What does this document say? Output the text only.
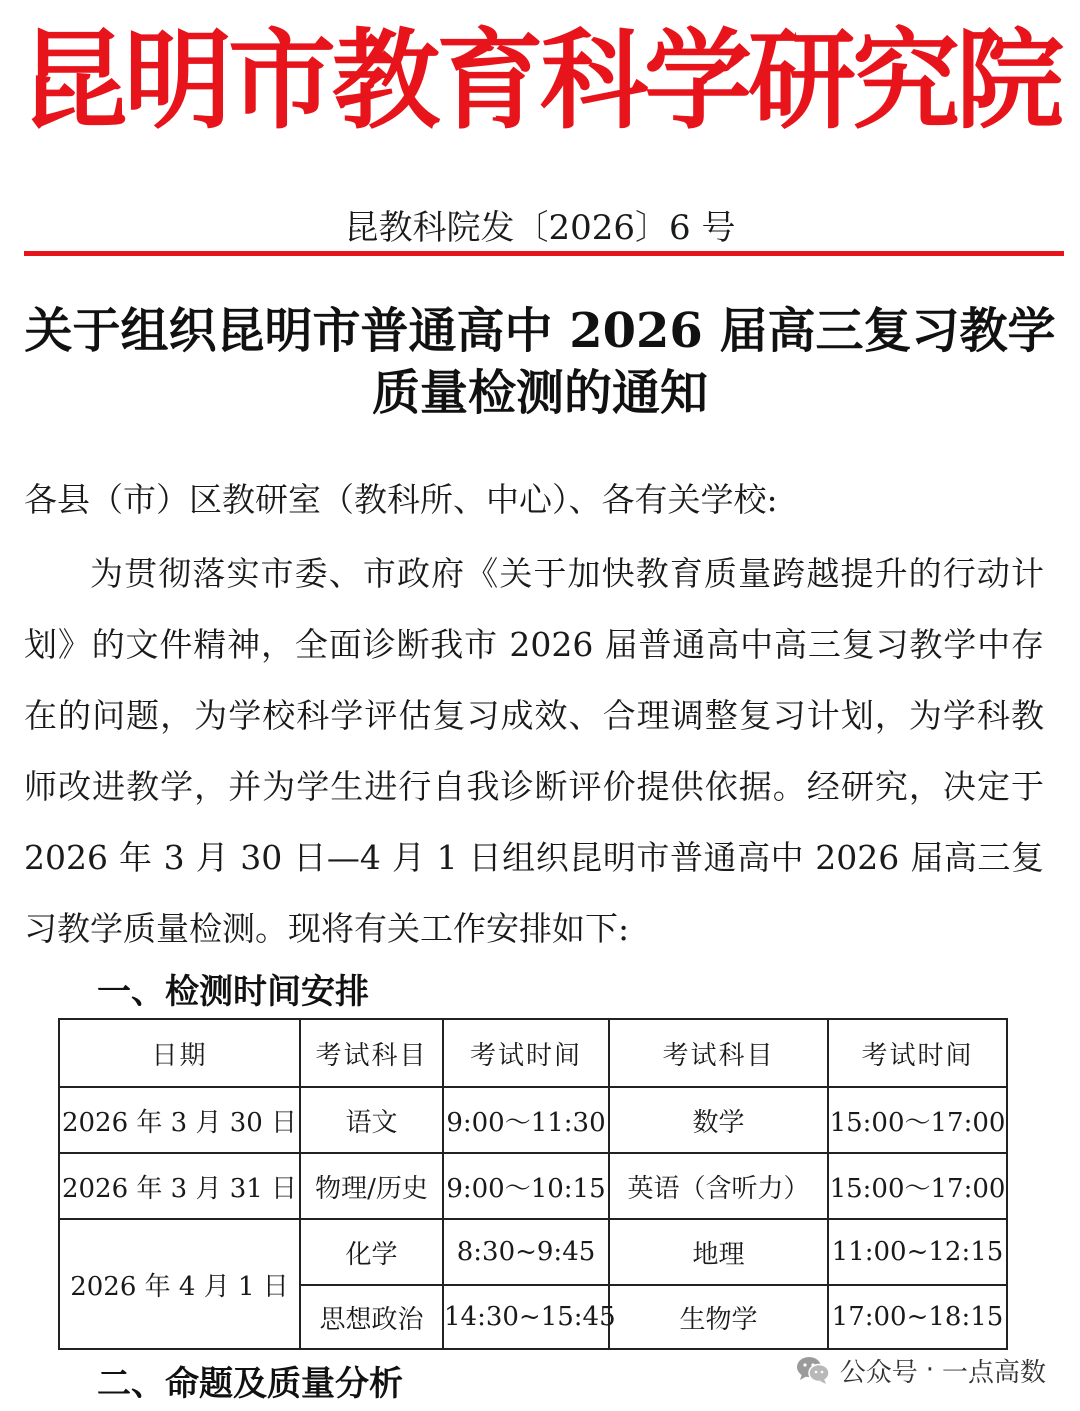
昆明市教育科学研究院
昆教科院发〔2026〕6 号
关于组织昆明市普通高中 2026 届高三复习教学质量检测的通知
各县（市）区教研室（教科所、中心）、各有关学校:
为贯彻落实市委、市政府《关于加快教育质量跨越提升的行动计划》的文件精神，全面诊断我市 2026 届普通高中高三复习教学中存在的问题，为学校科学评估复习成效、合理调整复习计划，为学科教师改进教学，并为学生进行自我诊断评价提供依据。经研究，决定于 2026 年 3 月 30 日—4 月 1 日组织昆明市普通高中 2026 届高三复习教学质量检测。现将有关工作安排如下:
一、检测时间安排
日期	考试科目	考试时间	考试科目	考试时间
2026 年 3 月 30 日	语文	9:00～11:30	数学	15:00～17:00
2026 年 3 月 31 日	物理/历史	9:00～10:15	英语（含听力）	15:00～17:00
2026 年 4 月 1 日	化学	8:30~9:45	地理	11:00~12:15
	思想政治	14:30~15:45	生物学	17:00~18:15
二、命题及质量分析	公众号 · 一点高数
